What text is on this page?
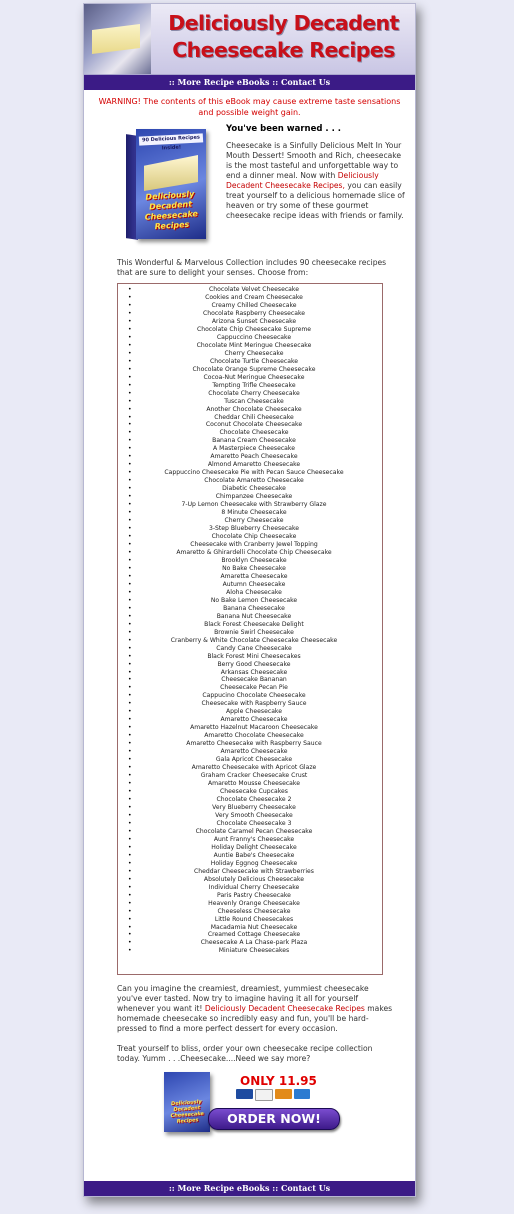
Deliciously Decadent Cheesecake Recipes
:: More Recipe eBooks :: Contact Us
WARNING! The contents of this eBook may cause extreme taste sensations and possible weight gain.
90 Delicious Recipes Inside!
Deliciously Decadent Cheesecake Recipes
You've been warned . . .
Cheesecake is a Sinfully Delicious Melt In Your Mouth Dessert! Smooth and Rich, cheesecake is the most tasteful and unforgettable way to end a dinner meal. Now with Deliciously Decadent Cheesecake Recipes, you can easily treat yourself to a delicious homemade slice of heaven or try some of these gourmet cheesecake recipe ideas with friends or family.
This Wonderful & Marvelous Collection includes 90 cheesecake recipes that are sure to delight your senses. Choose from:
• Chocolate Velvet Cheesecake
• Cookies and Cream Cheesecake
• Creamy Chilled Cheesecake
• Chocolate Raspberry Cheesecake
• Arizona Sunset Cheesecake
• Chocolate Chip Cheesecake Supreme
• Cappuccino Cheesecake
• Chocolate Mint Meringue Cheesecake
• Cherry Cheesecake
• Chocolate Turtle Cheesecake
• Chocolate Orange Supreme Cheesecake
• Cocoa-Nut Meringue Cheesecake
• Tempting Trifle Cheesecake
• Chocolate Cherry Cheesecake
• Tuscan Cheesecake
• Another Chocolate Cheesecake
• Cheddar Chili Cheesecake
• Coconut Chocolate Cheesecake
• Chocolate Cheesecake
• Banana Cream Cheesecake
• A Masterpiece Cheesecake
• Amaretto Peach Cheesecake
• Almond Amaretto Cheesecake
• Cappuccino Cheesecake Pie with Pecan Sauce Cheesecake
• Chocolate Amaretto Cheesecake
• Diabetic Cheesecake
• Chimpanzee Cheesecake
• 7-Up Lemon Cheesecake with Strawberry Glaze
• 8 Minute Cheesecake
• Cherry Cheesecake
• 3-Step Blueberry Cheesecake
• Chocolate Chip Cheesecake
• Cheesecake with Cranberry Jewel Topping
• Amaretto & Ghirardelli Chocolate Chip Cheesecake
• Brooklyn Cheesecake
• No Bake Cheesecake
• Amaretta Cheesecake
• Autumn Cheesecake
• Aloha Cheesecake
• No Bake Lemon Cheesecake
• Banana Cheesecake
• Banana Nut Cheesecake
• Black Forest Cheesecake Delight
• Brownie Swirl Cheesecake
• Cranberry & White Chocolate Cheesecake Cheesecake
• Candy Cane Cheesecake
• Black Forest Mini Cheesecakes
• Berry Good Cheesecake
• Arkansas Cheesecake
• Cheesecake Bananan
• Cheesecake Pecan Pie
• Cappucino Chocolate Cheesecake
• Cheesecake with Raspberry Sauce
• Apple Cheesecake
• Amaretto Cheesecake
• Amaretto Hazelnut Macaroon Cheesecake
• Amaretto Chocolate Cheesecake
• Amaretto Cheesecake with Raspberry Sauce
• Amaretto Cheesecake
• Gala Apricot Cheesecake
• Amaretto Cheesecake with Apricot Glaze
• Graham Cracker Cheesecake Crust
• Amaretto Mousse Cheesecake
• Cheesecake Cupcakes
• Chocolate Cheesecake 2
• Very Blueberry Cheesecake
• Very Smooth Cheesecake
• Chocolate Cheesecake 3
• Chocolate Caramel Pecan Cheesecake
• Aunt Franny's Cheesecake
• Holiday Delight Cheesecake
• Auntie Babe's Cheesecake
• Holiday Eggnog Cheesecake
• Cheddar Cheesecake with Strawberries
• Absolutely Delicious Cheesecake
• Individual Cherry Cheesecake
• Paris Pastry Cheesecake
• Heavenly Orange Cheesecake
• Cheeseless Cheesecake
• Little Round Cheesecakes
• Macadamia Nut Cheesecake
• Creamed Cottage Cheesecake
• Cheesecake A La Chase-park Plaza
• Miniature Cheesecakes

Can you imagine the creamiest, dreamiest, yummiest cheesecake you've ever tasted. Now try to imagine having it all for yourself whenever you want it! Deliciously Decadent Cheesecake Recipes makes homemade cheesecake so incredibly easy and fun, you'll be hard-pressed to find a more perfect dessert for every occasion.

Treat yourself to bliss, order your own cheesecake recipe collection today. Yumm . . .Cheesecake....Need we say more?

Deliciously Decadent Cheesecake Recipes
ONLY 11.95
ORDER NOW!
:: More Recipe eBooks :: Contact Us
